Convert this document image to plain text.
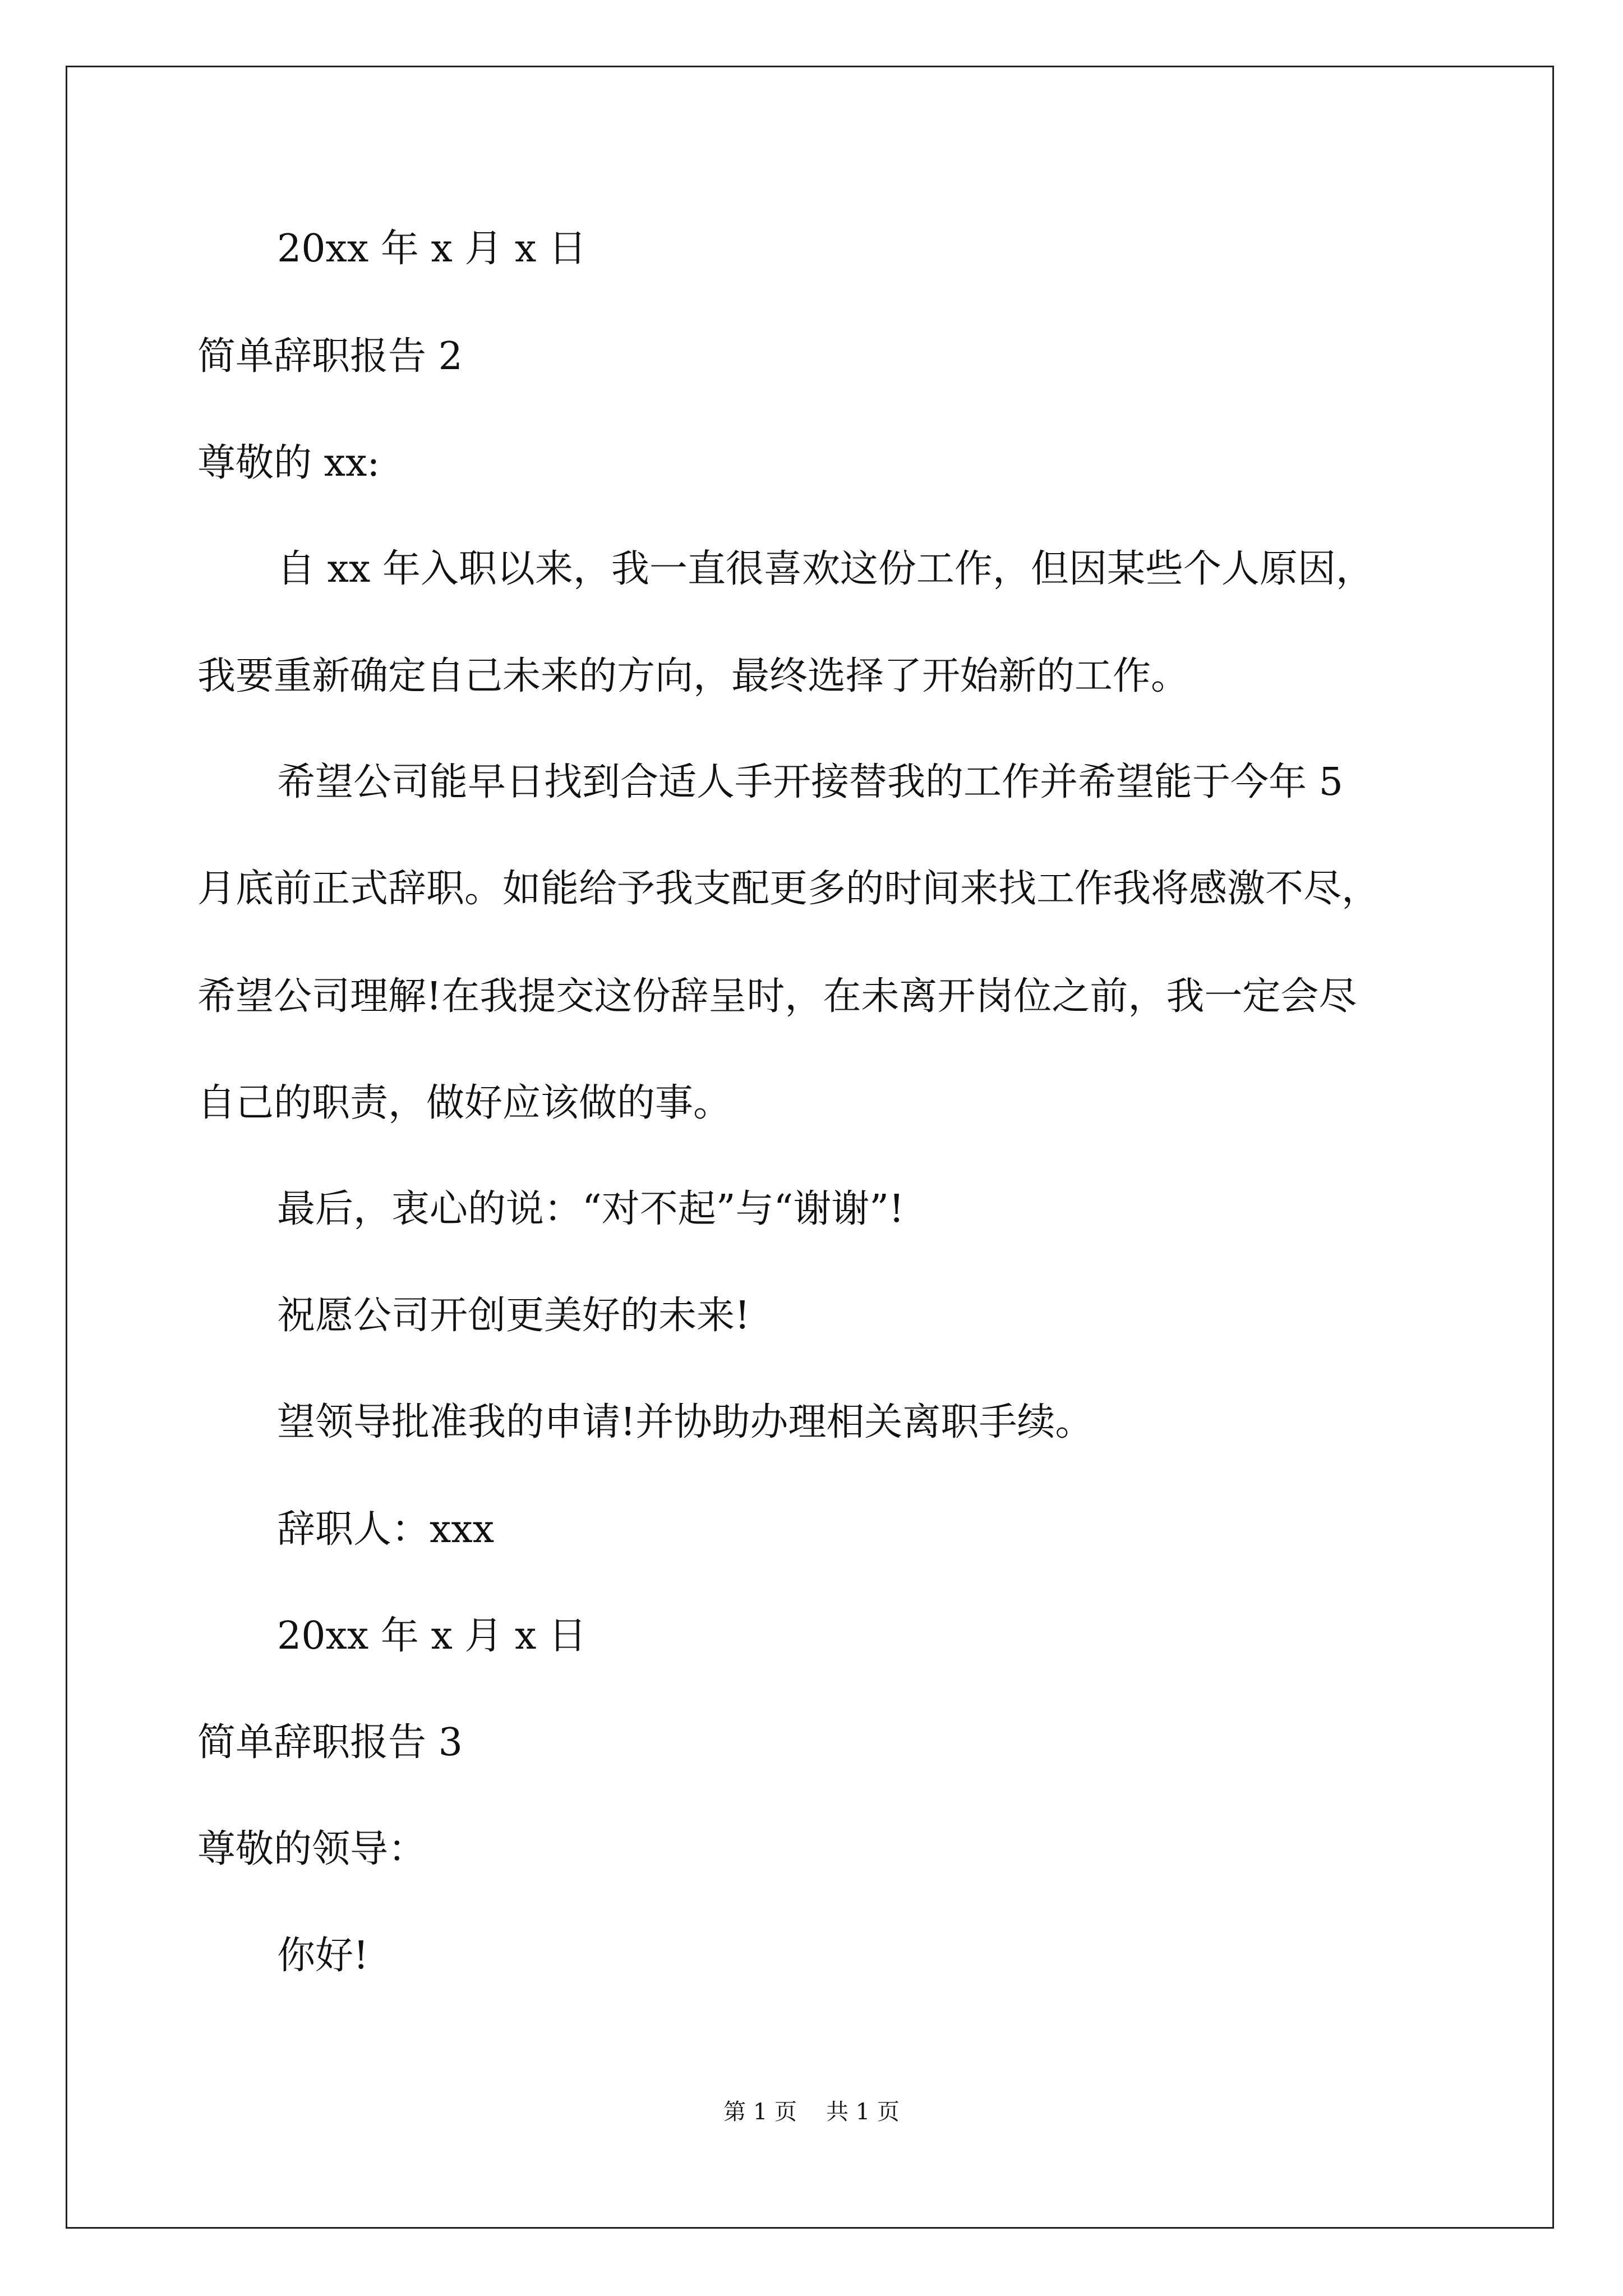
20xx 年 x 月 x 日

简单辞职报告 2

尊敬的 xx:

自 xx 年入职以来，我一直很喜欢这份工作，但因某些个人原因，

我要重新确定自己未来的方向，最终选择了开始新的工作。

希望公司能早日找到合适人手开接替我的工作并希望能于今年 5

月底前正式辞职。如能给予我支配更多的时间来找工作我将感激不尽，

希望公司理解!在我提交这份辞呈时，在未离开岗位之前，我一定会尽

自己的职责，做好应该做的事。

最后，衷心的说：“对不起”与“谢谢”!

祝愿公司开创更美好的未来!

望领导批准我的申请!并协助办理相关离职手续。

辞职人：xxx

20xx 年 x 月 x 日

简单辞职报告 3

尊敬的领导：

你好!

第 1 页 共 1 页
